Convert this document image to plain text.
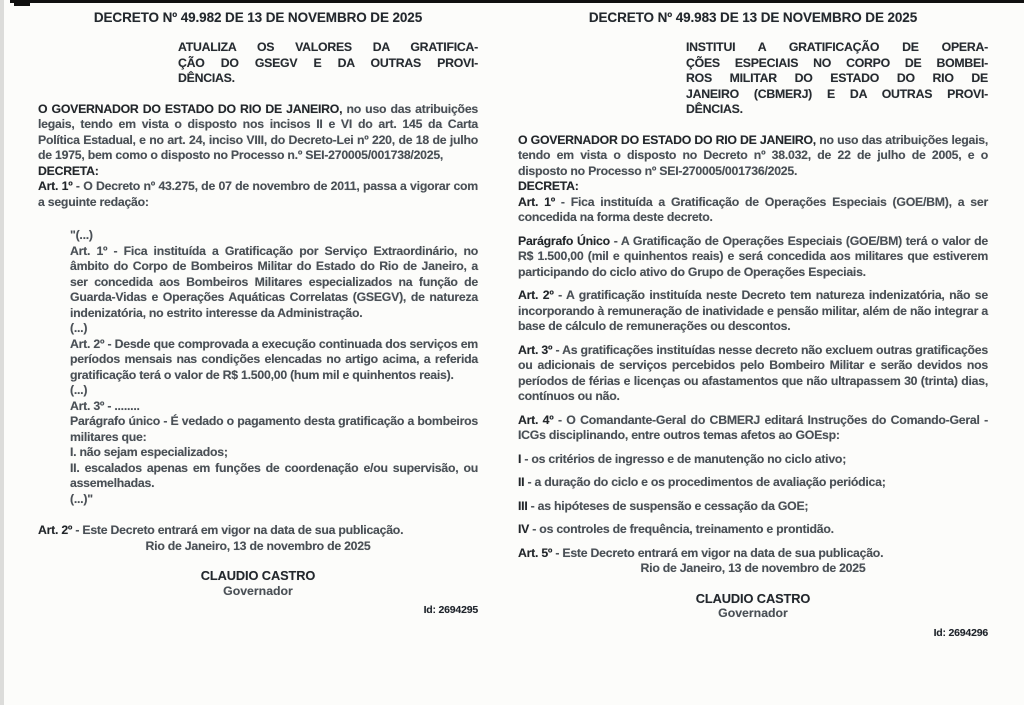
DECRETO Nº 49.982 DE 13 DE NOVEMBRO DE 2025
ATUALIZA OS VALORES DA GRATIFICA-
ÇÃO DO GSEGV E DA OUTRAS PROVI-
DÊNCIAS.

O GOVERNADOR DO ESTADO DO RIO DE JANEIRO, no uso das atribuições legais, tendo em vista o disposto nos incisos II e VI do art. 145 da Carta Política Estadual, e no art. 24, inciso VIII, do Decreto-Lei nº 220, de 18 de julho de 1975, bem como o disposto no Processo n.º SEI-270005/001738/2025,

DECRETA:

Art. 1º - O Decreto nº 43.275, de 07 de novembro de 2011, passa a vigorar com a seguinte redação:

"(...)
Art. 1º - Fica instituída a Gratificação por Serviço Extraordinário, no âmbito do Corpo de Bombeiros Militar do Estado do Rio de Janeiro, a ser concedida aos Bombeiros Militares especializados na função de Guarda-Vidas e Operações Aquáticas Correlatas (GSEGV), de natureza indenizatória, no estrito interesse da Administração.
(...)
Art. 2º - Desde que comprovada a execução continuada dos serviços em períodos mensais nas condições elencadas no artigo acima, a referida gratificação terá o valor de R$ 1.500,00 (hum mil e quinhentos reais).
(...)
Art. 3º - ........
Parágrafo único - É vedado o pagamento desta gratificação a bombeiros militares que:
I. não sejam especializados;
II. escalados apenas em funções de coordenação e/ou supervisão, ou assemelhadas.
(...)"

Art. 2º - Este Decreto entrará em vigor na data de sua publicação.

Rio de Janeiro, 13 de novembro de 2025
CLAUDIO CASTRO
Governador
Id: 2694295
DECRETO Nº 49.983 DE 13 DE NOVEMBRO DE 2025
INSTITUI A GRATIFICAÇÃO DE OPERA-
ÇÕES ESPECIAIS NO CORPO DE BOMBEI-
ROS MILITAR DO ESTADO DO RIO DE
JANEIRO (CBMERJ) E DA OUTRAS PROVI-
DÊNCIAS.

O GOVERNADOR DO ESTADO DO RIO DE JANEIRO, no uso das atribuições legais, tendo em vista o disposto no Decreto nº 38.032, de 22 de julho de 2005, e o disposto no Processo nº SEI-270005/001736/2025.

DECRETA:

Art. 1º - Fica instituída a Gratificação de Operações Especiais (GOE/BM), a ser concedida na forma deste decreto.

Parágrafo Único - A Gratificação de Operações Especiais (GOE/BM) terá o valor de R$ 1.500,00 (mil e quinhentos reais) e será concedida aos militares que estiverem participando do ciclo ativo do Grupo de Operações Especiais.

Art. 2º - A gratificação instituída neste Decreto tem natureza indenizatória, não se incorporando à remuneração de inatividade e pensão militar, além de não integrar a base de cálculo de remunerações ou descontos.

Art. 3º - As gratificações instituídas nesse decreto não excluem outras gratificações ou adicionais de serviços percebidos pelo Bombeiro Militar e serão devidos nos períodos de férias e licenças ou afastamentos que não ultrapassem 30 (trinta) dias, contínuos ou não.

Art. 4º - O Comandante-Geral do CBMERJ editará Instruções do Comando-Geral - ICGs disciplinando, entre outros temas afetos ao GOEsp:

I - os critérios de ingresso e de manutenção no ciclo ativo;

II - a duração do ciclo e os procedimentos de avaliação periódica;

III - as hipóteses de suspensão e cessação da GOE;

IV - os controles de frequência, treinamento e prontidão.

Art. 5º - Este Decreto entrará em vigor na data de sua publicação.

Rio de Janeiro, 13 de novembro de 2025
CLAUDIO CASTRO
Governador
Id: 2694296
